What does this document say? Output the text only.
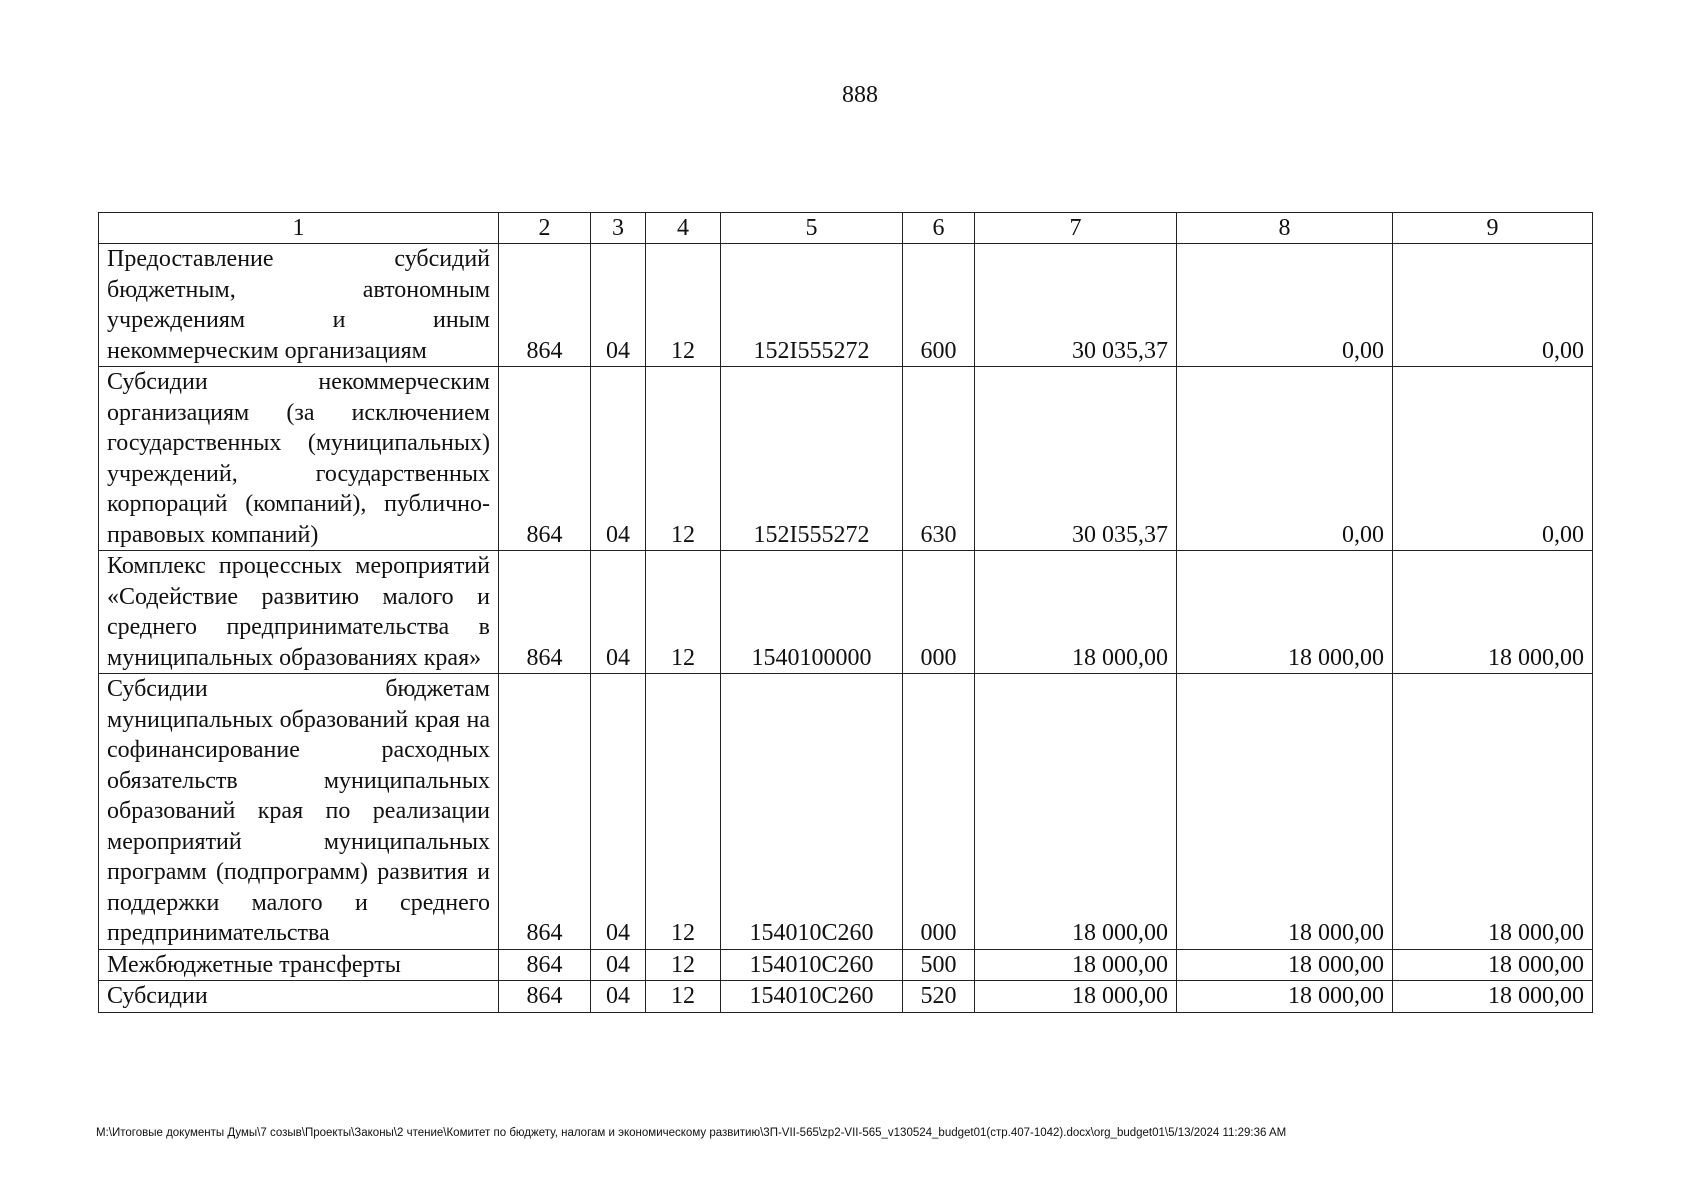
888
1	2	3	4	5	6	7	8	9
Предоставление субсидий бюджетным, автономным учреждениям и иным некоммерческим организациям	864	04	12	152I555272	600	30 035,37	0,00	0,00
Субсидии некоммерческим организациям (за исключением государственных (муниципальных) учреждений, государственных корпораций (компаний), публично-правовых компаний)	864	04	12	152I555272	630	30 035,37	0,00	0,00
Комплекс процессных мероприятий «Содействие развитию малого и среднего предпринимательства в муниципальных образованиях края»	864	04	12	1540100000	000	18 000,00	18 000,00	18 000,00
Субсидии бюджетам муниципальных образований края на софинансирование расходных обязательств муниципальных образований края по реализации мероприятий муниципальных программ (подпрограмм) развития и поддержки малого и среднего предпринимательства	864	04	12	154010С260	000	18 000,00	18 000,00	18 000,00
Межбюджетные трансферты	864	04	12	154010С260	500	18 000,00	18 000,00	18 000,00
Субсидии	864	04	12	154010С260	520	18 000,00	18 000,00	18 000,00
M:\Итоговые документы Думы\7 созыв\Проекты\Законы\2 чтение\Комитет по бюджету, налогам и экономическому развитию\3П-VII-565\zp2-VII-565_v130524_budget01(стр.407-1042).docx\org_budget01\5/13/2024 11:29:36 AM
